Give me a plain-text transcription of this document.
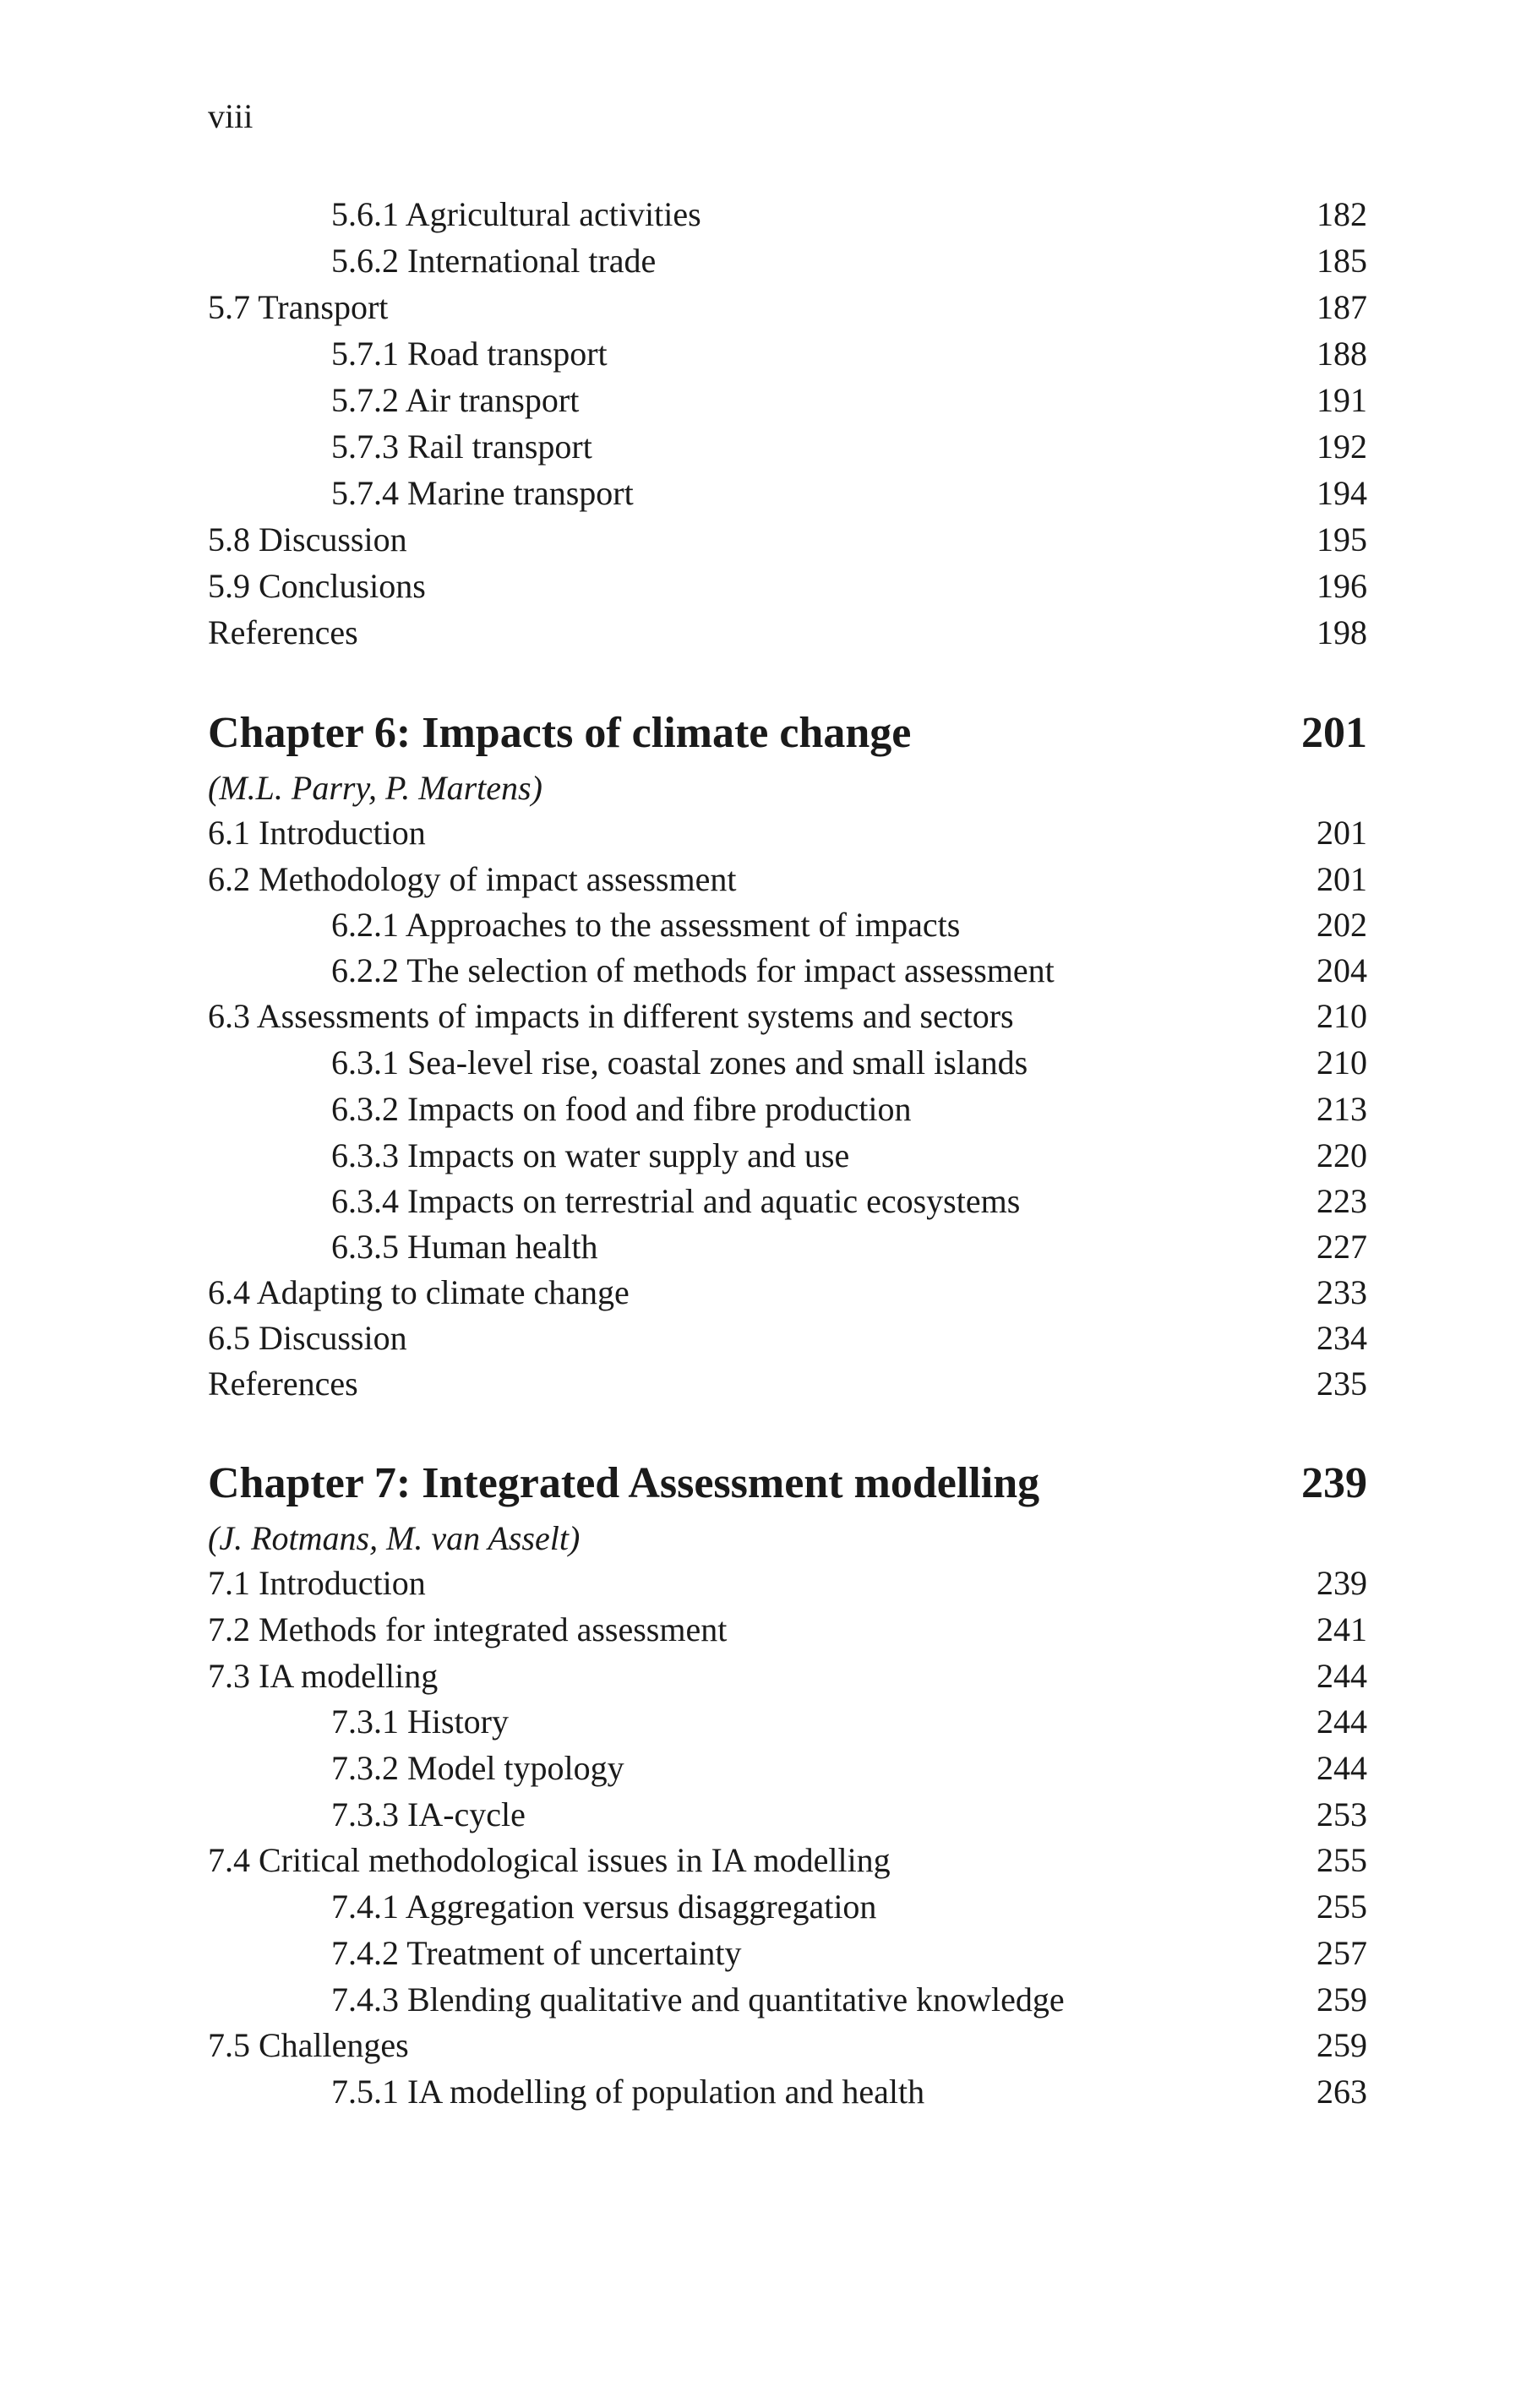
viii
5.6.1 Agricultural activities	182
5.6.2 International trade	185
5.7 Transport	187
5.7.1 Road transport	188
5.7.2 Air transport	191
5.7.3 Rail transport	192
5.7.4 Marine transport	194
5.8 Discussion	195
5.9 Conclusions	196
References	198
Chapter 6: Impacts of climate change	201
(M.L. Parry, P. Martens)
6.1 Introduction	201
6.2 Methodology of impact assessment	201
6.2.1 Approaches to the assessment of impacts	202
6.2.2 The selection of methods for impact assessment	204
6.3 Assessments of impacts in different systems and sectors	210
6.3.1 Sea-level rise, coastal zones and small islands	210
6.3.2 Impacts on food and fibre production	213
6.3.3 Impacts on water supply and use	220
6.3.4 Impacts on terrestrial and aquatic ecosystems	223
6.3.5 Human health	227
6.4 Adapting to climate change	233
6.5 Discussion	234
References	235
Chapter 7: Integrated Assessment modelling	239
(J. Rotmans, M. van Asselt)
7.1 Introduction	239
7.2 Methods for integrated assessment	241
7.3 IA modelling	244
7.3.1 History	244
7.3.2 Model typology	244
7.3.3 IA-cycle	253
7.4 Critical methodological issues in IA modelling	255
7.4.1 Aggregation versus disaggregation	255
7.4.2 Treatment of uncertainty	257
7.4.3 Blending qualitative and quantitative knowledge	259
7.5 Challenges	259
7.5.1 IA modelling of population and health	263
